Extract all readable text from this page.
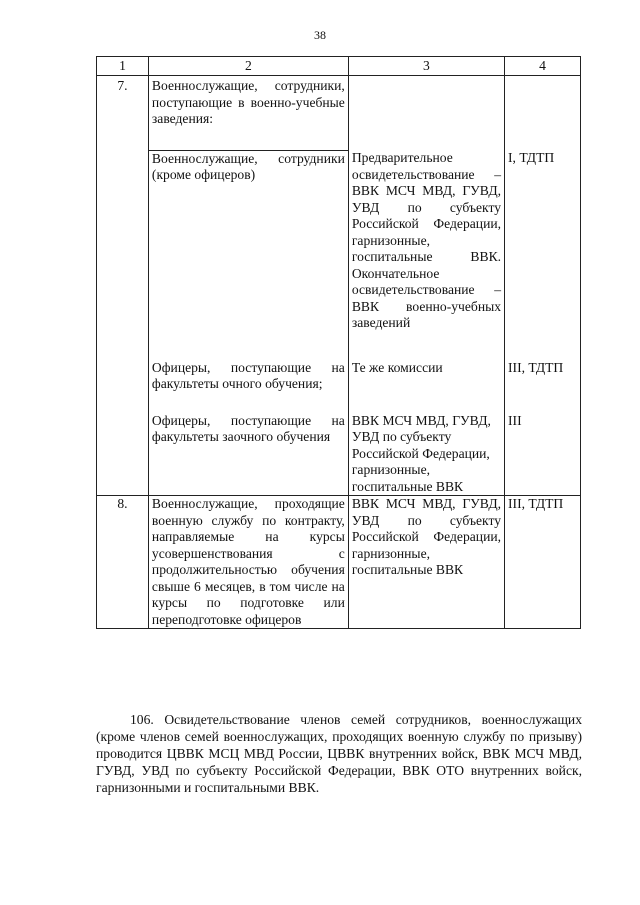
38
1	2	3	4

7.	Военнослужащие, сотрудники, поступающие в военно-учебные заведения:		
	Военнослужащие, сотрудники (кроме офицеров)	Предварительное освидетельствование – ВВК МСЧ МВД, ГУВД, УВД по субъекту Российской Федерации, гарнизонные, госпитальные ВВК. Окончательное освидетельствование – ВВК военно-учебных заведений	I, ТДТП
	Офицеры, поступающие на факультеты очного обучения;	Те же комиссии	III, ТДТП
	Офицеры, поступающие на факультеты заочного обучения	ВВК МСЧ МВД, ГУВД, УВД по субъекту Российской Федерации, гарнизонные, госпитальные ВВК	III

8.	Военнослужащие, проходящие военную службу по контракту, направляемые на курсы усовершенствования с продолжительностью обучения свыше 6 месяцев, в том числе на курсы по подготовке или переподготовке офицеров	ВВК МСЧ МВД, ГУВД, УВД по субъекту Российской Федерации, гарнизонные, госпитальные ВВК	III, ТДТП
106. Освидетельствование членов семей сотрудников, военнослужащих (кроме членов семей военнослужащих, проходящих военную службу по призыву) проводится ЦВВК МСЦ МВД России, ЦВВК внутренних войск, ВВК МСЧ МВД, ГУВД, УВД по субъекту Российской Федерации, ВВК ОТО внутренних войск, гарнизонными и госпитальными ВВК.
